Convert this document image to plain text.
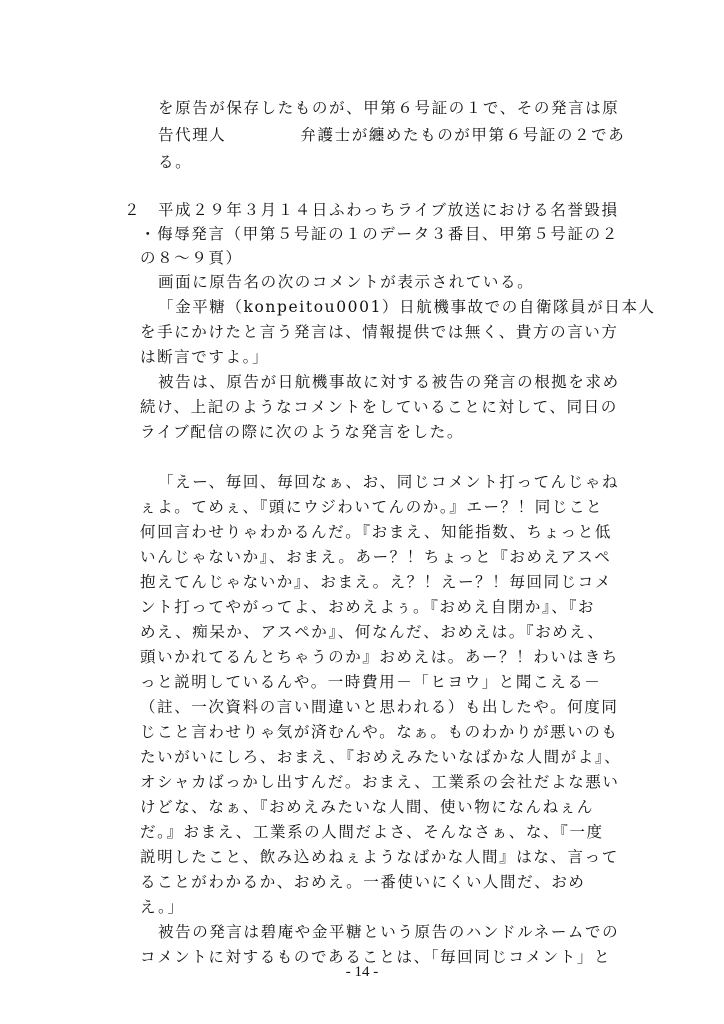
を原告が保存したものが、甲第６号証の１で、その発言は原
告代理人	弁護士が纏めたものが甲第６号証の２であ
る。
２ 平成２９年３月１４日ふわっちライブ放送における名誉毀損
・侮辱発言（甲第５号証の１のデータ３番目、甲第５号証の２
の８～９頁）
画面に原告名の次のコメントが表示されている。
「金平糖（konpeitou0001）日航機事故での自衛隊員が日本人
を手にかけたと言う発言は、情報提供では無く、貴方の言い方
は断言ですよ。」
被告は、原告が日航機事故に対する被告の発言の根拠を求め
続け、上記のようなコメントをしていることに対して、同日の
ライブ配信の際に次のような発言をした。
「えー、毎回、毎回なぁ、お、同じコメント打ってんじゃね
ぇよ。てめぇ、『頭にウジわいてんのか。』エー？！同じこと
何回言わせりゃわかるんだ。『おまえ、知能指数、ちょっと低
いんじゃないか』、おまえ。あー？！ちょっと『おめえアスペ
抱えてんじゃないか』、おまえ。え？！えー？！毎回同じコメ
ント打ってやがってよ、おめえよぅ。『おめえ自閉か』、『お
めえ、痴呆か、アスペか』、何なんだ、おめえは。『おめえ、
頭いかれてるんとちゃうのか』おめえは。あー？！わいはきち
っと説明しているんや。一時費用－「ヒヨウ」と聞こえる－
（註、一次資料の言い間違いと思われる）も出したや。何度同
じこと言わせりゃ気が済むんや。なぁ。ものわかりが悪いのも
たいがいにしろ、おまえ、『おめえみたいなばかな人間がよ』、
オシャカばっかし出すんだ。おまえ、工業系の会社だよな悪い
けどな、なぁ、『おめえみたいな人間、使い物になんねぇん
だ。』おまえ、工業系の人間だよさ、そんなさぁ、な、『一度
説明したこと、飲み込めねぇようなばかな人間』はな、言って
ることがわかるか、おめえ。一番使いにくい人間だ、おめ
え。」
被告の発言は碧庵や金平糖という原告のハンドルネームでの
コメントに対するものであることは、「毎回同じコメント」と
- 14 -
